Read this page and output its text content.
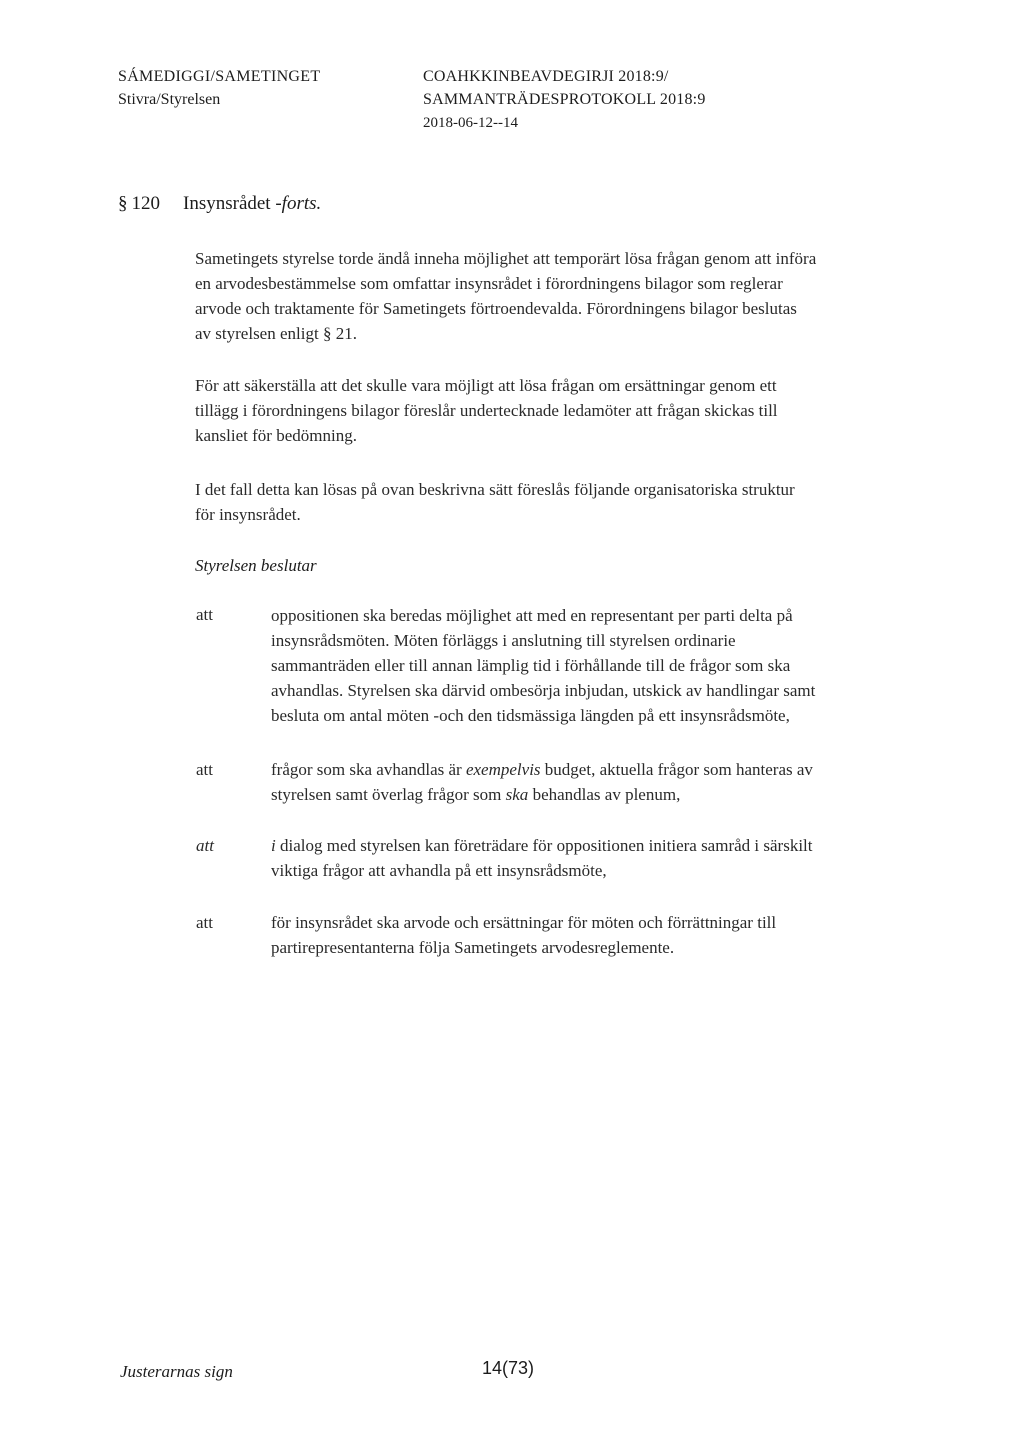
SÁMEDIGGI/SAMETINGET
Stivra/Styrelsen
COAHKKINBEAVDEGIRJI 2018:9/
SAMMANTRÄDESPROTOKOLL 2018:9
2018-06-12--14
§ 120 Insynsrådet -forts.
Sametingets styrelse torde ändå inneha möjlighet att temporärt lösa frågan genom att införa
en arvodesbestämmelse som omfattar insynsrådet i förordningens bilagor som reglerar
arvode och traktamente för Sametingets förtroendevalda. Förordningens bilagor beslutas
av styrelsen enligt § 21.
För att säkerställa att det skulle vara möjligt att lösa frågan om ersättningar genom ett
tillägg i förordningens bilagor föreslår undertecknade ledamöter att frågan skickas till
kansliet för bedömning.
I det fall detta kan lösas på ovan beskrivna sätt föreslås följande organisatoriska struktur
för insynsrådet.
Styrelsen beslutar
att	oppositionen ska beredas möjlighet att med en representant per parti delta på
insynsrådsmöten. Möten förläggs i anslutning till styrelsen ordinarie
sammanträden eller till annan lämplig tid i förhållande till de frågor som ska
avhandlas. Styrelsen ska därvid ombesörja inbjudan, utskick av handlingar samt
besluta om antal möten -och den tidsmässiga längden på ett insynsrådsmöte,
att	frågor som ska avhandlas är exempelvis budget, aktuella frågor som hanteras av
styrelsen samt överlag frågor som ska behandlas av plenum,
att	i dialog med styrelsen kan företrädare för oppositionen initiera samråd i särskilt
viktiga frågor att avhandla på ett insynsrådsmöte,
att	för insynsrådet ska arvode och ersättningar för möten och förrättningar till
partirepresentanterna följa Sametingets arvodesreglemente.
Justerarnas sign	14(73)
